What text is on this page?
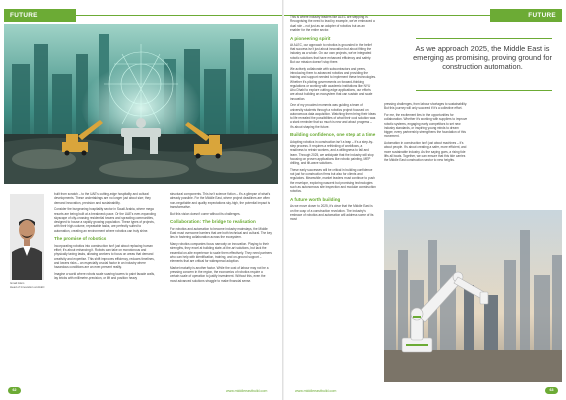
FUTURE	FUTURE PROOFING
Ismail Alam
Head of Innovation at ALEC

built from scratch – to the UAE's cutting-edge hospitality and cultural developments. These undertakings are no longer just about size; they demand innovation, precision and sustainability.

Consider the burgeoning hospitality sector in Saudi Arabia, where mega resorts are being built at a breakneck pace. Or the UAE's ever-expanding skyscape of city-crossing residential towers and sprawling communities, designed to house a rapidly growing population. These types of projects, with their high-volume, repeatable tasks, are perfectly suited to automation, creating an environment where robotics can truly shine.

The promise of robotics

Incorporating robotics into construction isn't just about replacing human effort; it's about enhancing it. Robots can take on monotonous and physically taxing tasks, allowing workers to focus on areas that demand creativity and expertise. This shift improves efficiency, reduces timelines, and lowers risks – an especially crucial factor in an industry where hazardous conditions are an ever-present reality.

Imagine a world where robots scale soaring towers to paint facade walls, lay bricks with millimetre-precision, or lift and position heavy

structural components. This isn't science fiction – it's a glimpse of what's already possible. For the Middle East, where project deadlines are often non-negotiable and quality expectations sky-high, the potential impact is transformative.

But this vision doesn't come without its challenges.

Collaboration: The bridge to realisation

For robotics and automation to become industry mainstays, the Middle East must overcome barriers that are both technical and cultural. The key lies in fostering collaboration across the ecosystem.

Many robotics companies focus narrowly on innovation. Playing to their strengths, they excel at building state-of-the-art solutions, but lack the essential on-site experience to scale them effectively. They need partners who can help with identification, training, and on-ground support – elements that are critical for widespread adoption.

Market maturity is another factor. While the cost of labour may not be a pressing concern in the region, the economics of robotics require a certain scale of operation to justify investment. Without this, even the most advanced solutions struggle to make financial sense.

This is where industry leaders like ALEC are stepping in. Recognising the need to lead by example, we've embraced a dual role – not just as an adopter of robotics but as an enabler for the entire sector.

A pioneering spirit

At ALEC, our approach to robotics is grounded in the belief that success isn't just about innovation but about fitting the industry as a whole. On our own projects, we've integrated robotic solutions that have enhanced efficiency and safety. But our mission doesn't stop there.

We actively collaborate with subcontractors and peers, introducing them to advanced robotics and providing the training and support needed to implement these technologies. Whether it's piloting governments on forward-thinking regulations or working with academic institutions like NYU Abu Dhabi to explore cutting-edge applications, our efforts are about building an ecosystem that can sustain and scale innovation.

One of my proudest moments was guiding a team of university students through a robotics project focused on autonomous data acquisition. Watching them bring their ideas to life revealed the possibilities of what their cool solution was a stark reminder that so much is new and about progress – it's about shaping the future.

Building confidence, one step at a time

Adopting robotics in construction isn't a leap – it's a step-by-step process. It requires a rethinking of workflows, a readiness to retrain workers, and a willingness to fail and learn. Through 2025, we anticipate that the industry will stop focusing on proven applications like robotic painting, MEP drilling, and tilt-wave solutions.

These early successes will be critical in building confidence not just for construction firms but also for clients and regulators. Meanwhile, market leaders must continue to push the envelope, exploring nascent but promising technologies such as autonomous site inspection and modular construction robotics.

A future worth building

As we move closer to 2025, it's clear that the Middle East is on the cusp of a construction revolution. The industry's embrace of robotics and automation will address some of its most

As we approach 2025, the Middle East is emerging as promising, proving ground for construction automation.

pressing challenges, from labour shortages to sustainability. But this journey will only succeed if it's a collective effort.

For me, the excitement lies in the opportunities for collaboration. Whether it's working with suppliers to improve robotic systems, engaging early competitors to set new industry standards, or inspiring young minds to dream bigger, every partnership strengthens the foundation of this movement.

Automation in construction isn't just about machines – it's about people. It's about creating a safer, more efficient, and more sustainable industry. As the saying goes, a rising tide lifts all boats. Together, we can ensure that this tide carries the Middle East construction sector to new heights.

62	www.middleeastbuild.com	www.middleeastbuild.com	63
